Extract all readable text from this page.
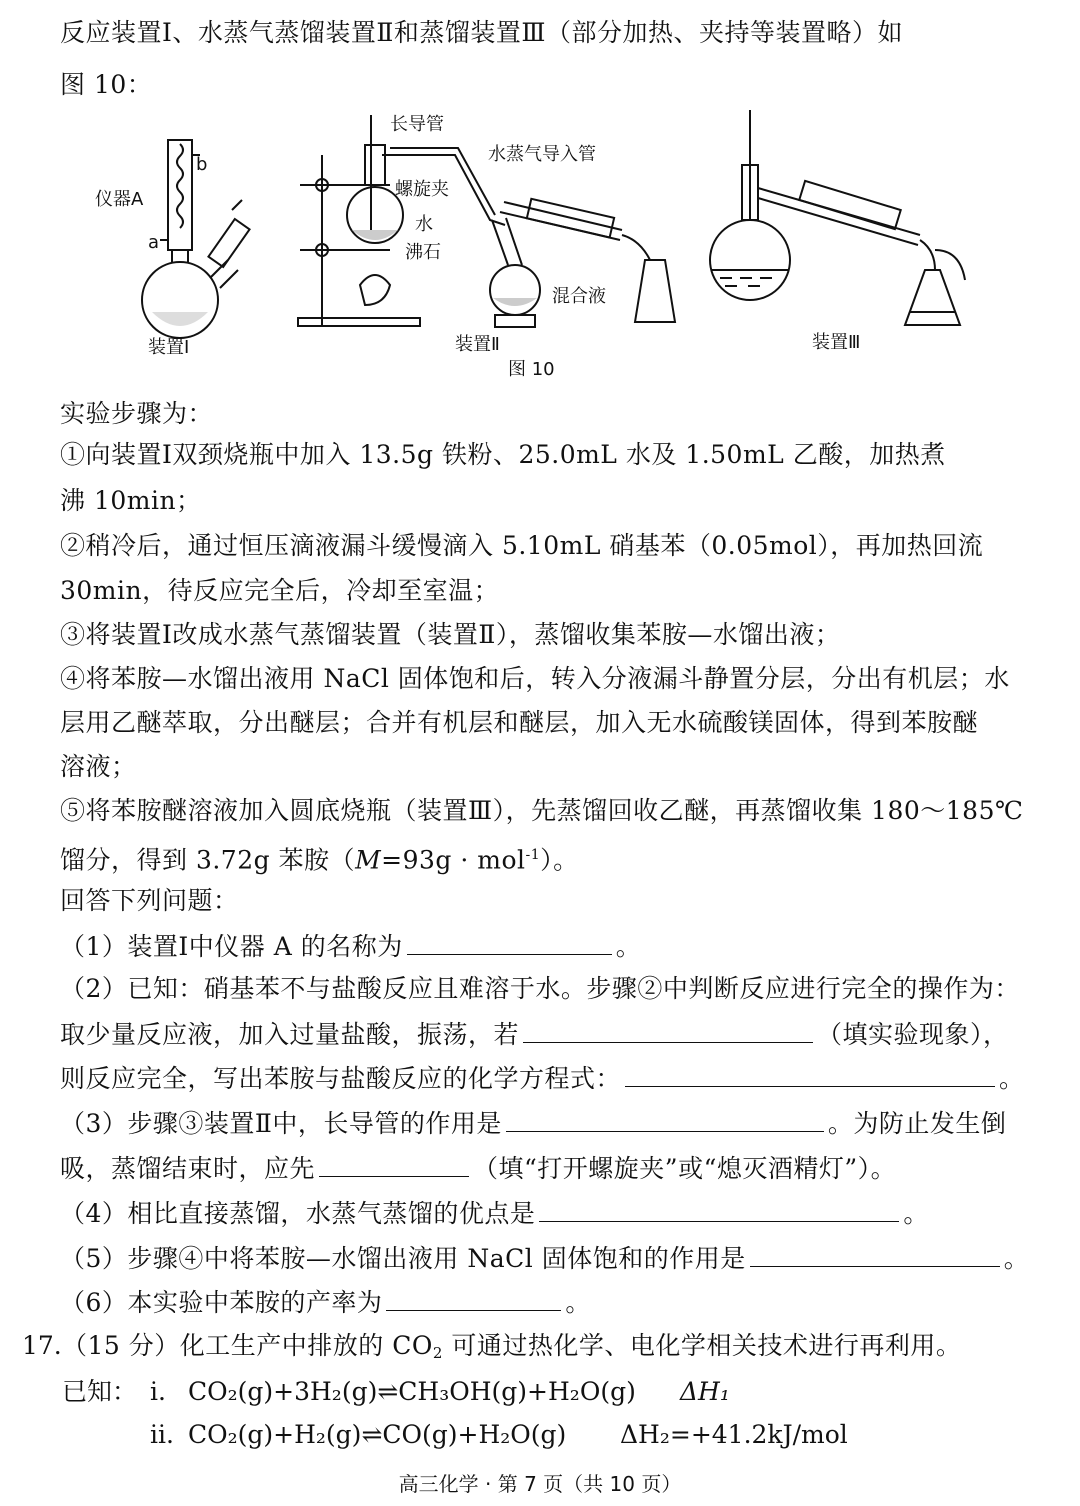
反应装置Ⅰ、水蒸气蒸馏装置Ⅱ和蒸馏装置Ⅲ（部分加热、夹持等装置略）如
图 10：
仪器A
a
b
装置Ⅰ
长导管
水蒸气导入管
螺旋夹
水
沸石
混合液
装置Ⅱ
图 10
装置Ⅲ
实验步骤为：
①向装置Ⅰ双颈烧瓶中加入 13.5g 铁粉、25.0mL 水及 1.50mL 乙酸，加热煮
沸 10min；
②稍冷后，通过恒压滴液漏斗缓慢滴入 5.10mL 硝基苯（0.05mol），再加热回流
30min，待反应完全后，冷却至室温；
③将装置Ⅰ改成水蒸气蒸馏装置（装置Ⅱ），蒸馏收集苯胺—水馏出液；
④将苯胺—水馏出液用 NaCl 固体饱和后，转入分液漏斗静置分层，分出有机层；水
层用乙醚萃取，分出醚层；合并有机层和醚层，加入无水硫酸镁固体，得到苯胺醚
溶液；
⑤将苯胺醚溶液加入圆底烧瓶（装置Ⅲ），先蒸馏回收乙醚，再蒸馏收集 180～185℃
馏分，得到 3.72g 苯胺（M=93g · mol$^{-1}$）。
回答下列问题：
（1）装置Ⅰ中仪器 A 的名称为	。
（2）已知：硝基苯不与盐酸反应且难溶于水。步骤②中判断反应进行完全的操作为：
取少量反应液，加入过量盐酸，振荡，若	（填实验现象），
则反应完全，写出苯胺与盐酸反应的化学方程式：	。
（3）步骤③装置Ⅱ中，长导管的作用是	。为防止发生倒
吸，蒸馏结束时，应先	（填“打开螺旋夹”或“熄灭酒精灯”）。
（4）相比直接蒸馏，水蒸气蒸馏的优点是	。
（5）步骤④中将苯胺—水馏出液用 NaCl 固体饱和的作用是	。
（6）本实验中苯胺的产率为	。
17. （15 分）化工生产中排放的 $CO_2$ 可通过热化学、电化学相关技术进行再利用。
已知： ⅰ. CO₂(g)+3H₂(g)⇌CH₃OH(g)+H₂O(g) ΔH₁
ⅱ. CO₂(g)+H₂(g)⇌CO(g)+H₂O(g) ΔH₂=+41.2kJ/mol
高三化学 · 第 7 页（共 10 页）
